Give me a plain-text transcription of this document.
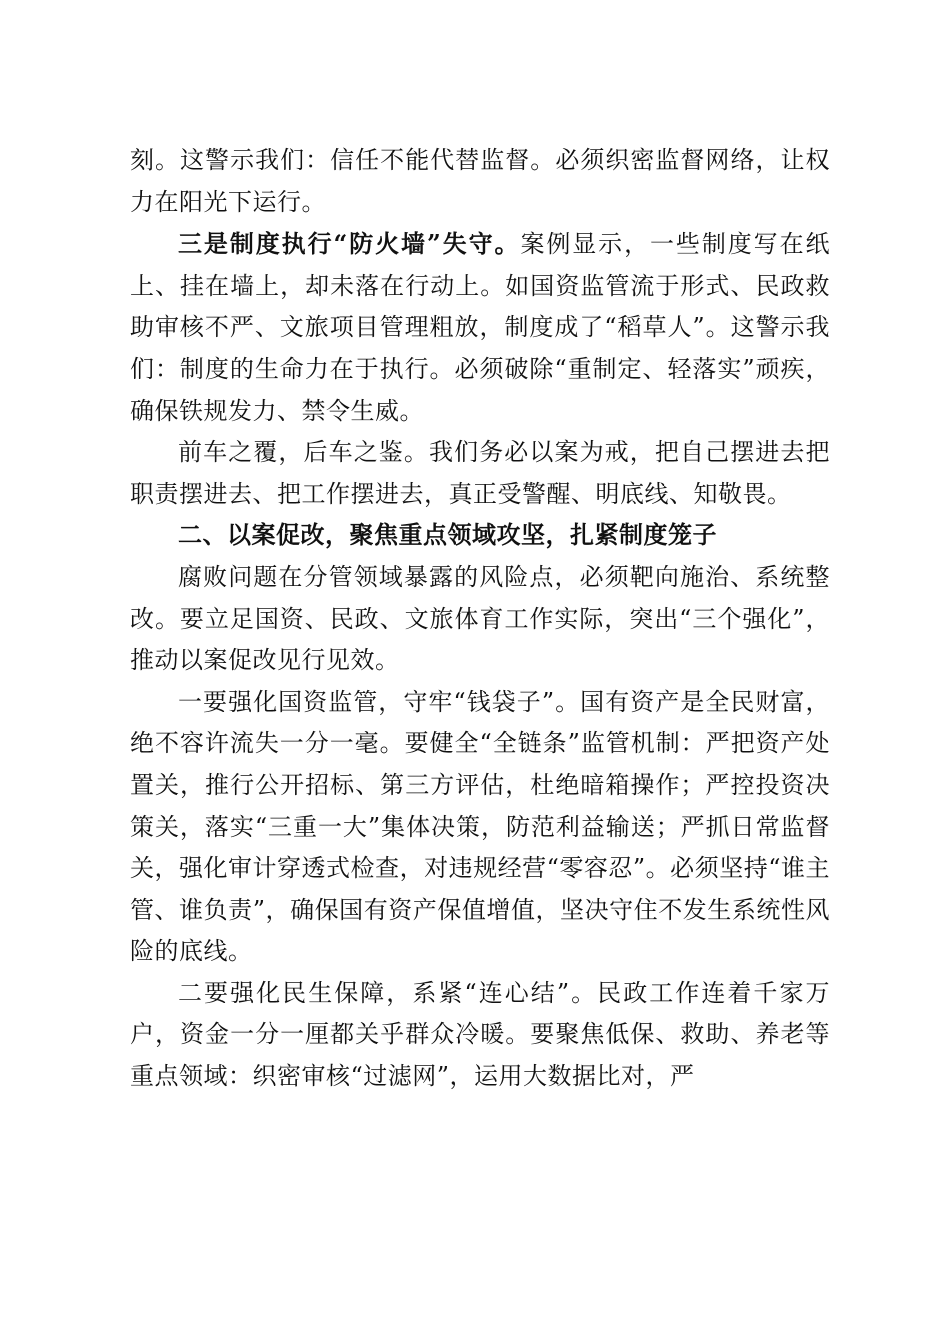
刻。这警示我们：信任不能代替监督。必须织密监督网络，让权力在阳光下运行。

三是制度执行“防火墙”失守。案例显示，一些制度写在纸上、挂在墙上，却未落在行动上。如国资监管流于形式、民政救助审核不严、文旅项目管理粗放，制度成了“稻草人”。这警示我们：制度的生命力在于执行。必须破除“重制定、轻落实”顽疾，确保铁规发力、禁令生威。

前车之覆，后车之鉴。我们务必以案为戒，把自己摆进去把职责摆进去、把工作摆进去，真正受警醒、明底线、知敬畏。

二、以案促改，聚焦重点领域攻坚，扎紧制度笼子

腐败问题在分管领域暴露的风险点，必须靶向施治、系统整改。要立足国资、民政、文旅体育工作实际，突出“三个强化”，推动以案促改见行见效。

一要强化国资监管，守牢“钱袋子”。国有资产是全民财富，绝不容许流失一分一毫。要健全“全链条”监管机制：严把资产处置关，推行公开招标、第三方评估，杜绝暗箱操作；严控投资决策关，落实“三重一大”集体决策，防范利益输送；严抓日常监督关，强化审计穿透式检查，对违规经营“零容忍”。必须坚持“谁主管、谁负责”，确保国有资产保值增值，坚决守住不发生系统性风险的底线。

二要强化民生保障，系紧“连心结”。民政工作连着千家万户，资金一分一厘都关乎群众冷暖。要聚焦低保、救助、养老等重点领域：织密审核“过滤网”，运用大数据比对，严
